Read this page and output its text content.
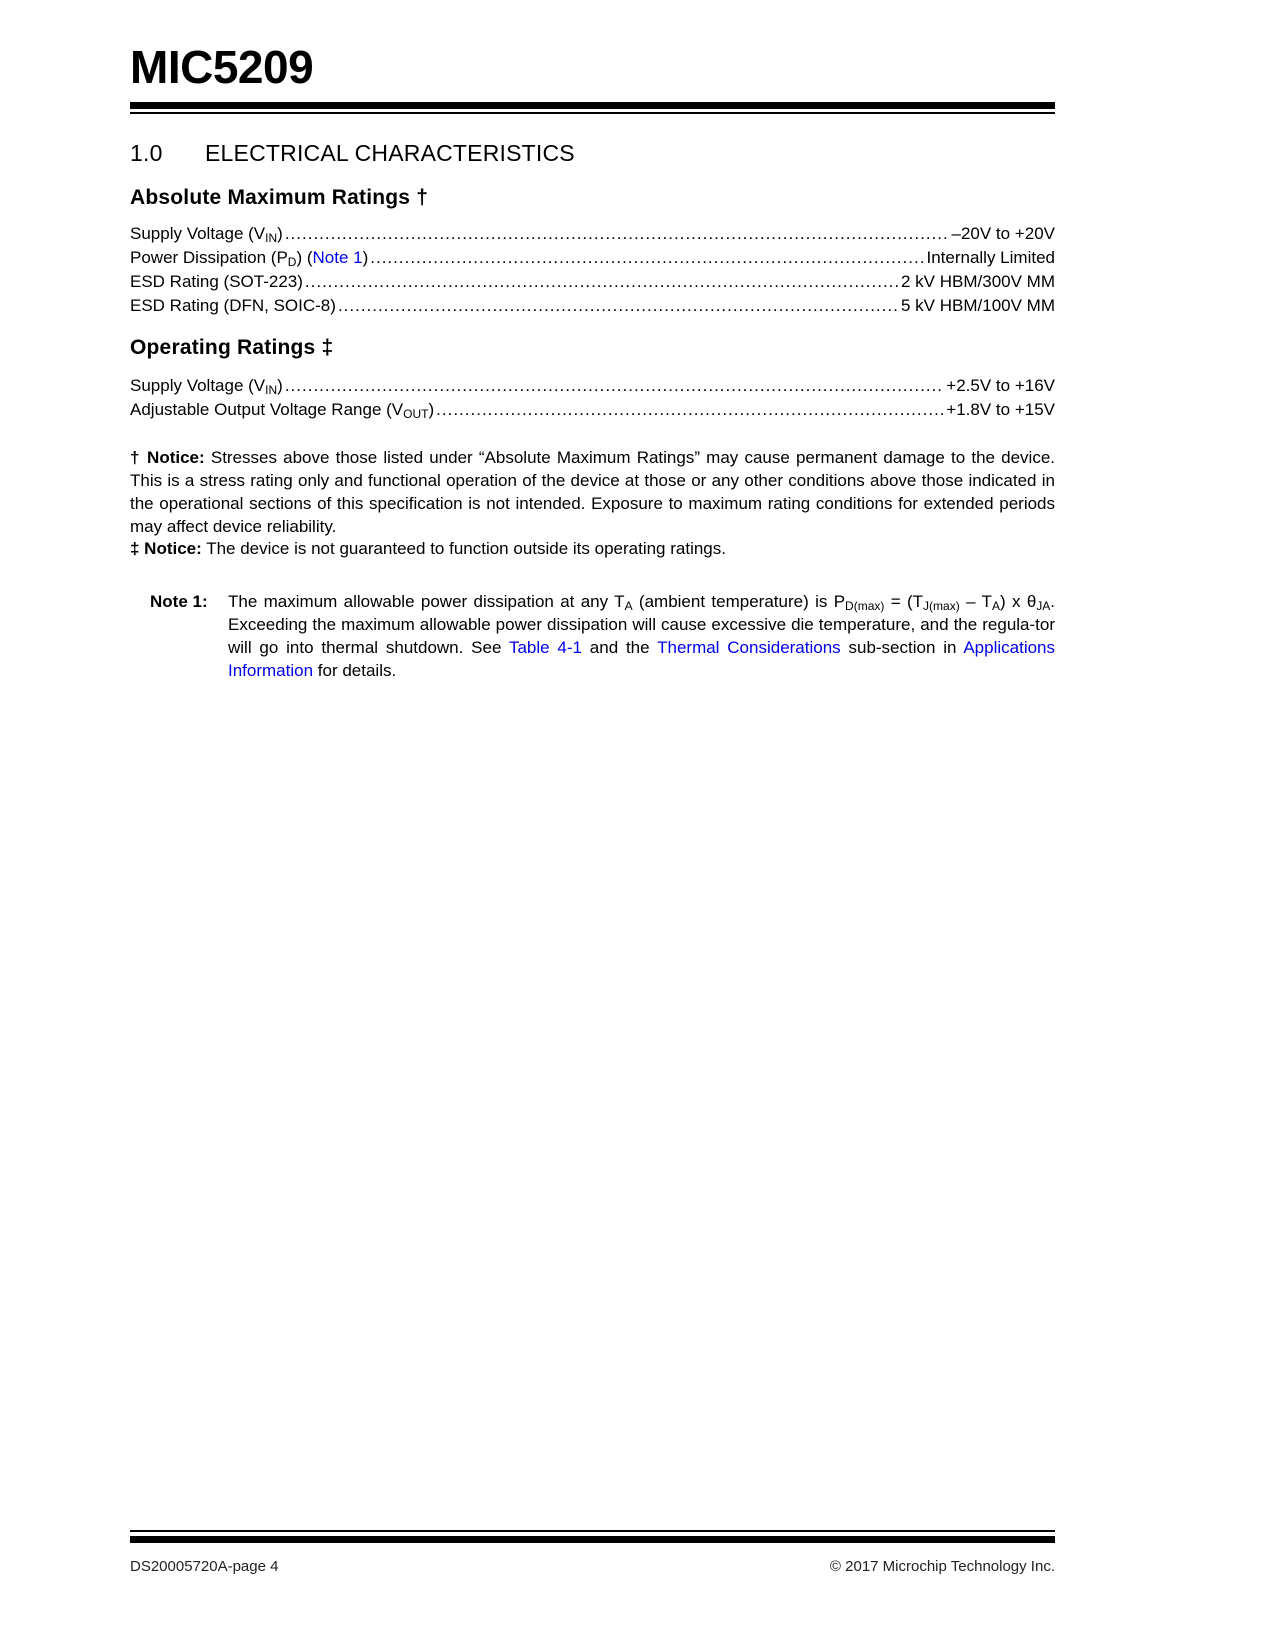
MIC5209
1.0 ELECTRICAL CHARACTERISTICS
Absolute Maximum Ratings †
Supply Voltage $(V_{IN})$ .....	–20V to +20V
Power Dissipation $(P_D)$ (Note 1) .....	Internally Limited
ESD Rating (SOT-223) .....	2 kV HBM/300V MM
ESD Rating (DFN, SOIC-8) .....	5 kV HBM/100V MM
Operating Ratings ‡
Supply Voltage $(V_{IN})$ .....	+2.5V to +16V
Adjustable Output Voltage Range $(V_{OUT})$ .....	+1.8V to +15V
† Notice: Stresses above those listed under “Absolute Maximum Ratings” may cause permanent damage to the device. This is a stress rating only and functional operation of the device at those or any other conditions above those indicated in the operational sections of this specification is not intended. Exposure to maximum rating conditions for extended periods may affect device reliability.
‡ Notice: The device is not guaranteed to function outside its operating ratings.
Note 1:	The maximum allowable power dissipation at any $T_A$ (ambient temperature) is $P_{D(max)} = (T_{J(max)} - T_A)$ x $\theta_{JA}$. Exceeding the maximum allowable power dissipation will cause excessive die temperature, and the regula-tor will go into thermal shutdown. See Table 4-1 and the Thermal Considerations sub-section in Applications Information for details.
DS20005720A-page 4	© 2017 Microchip Technology Inc.
